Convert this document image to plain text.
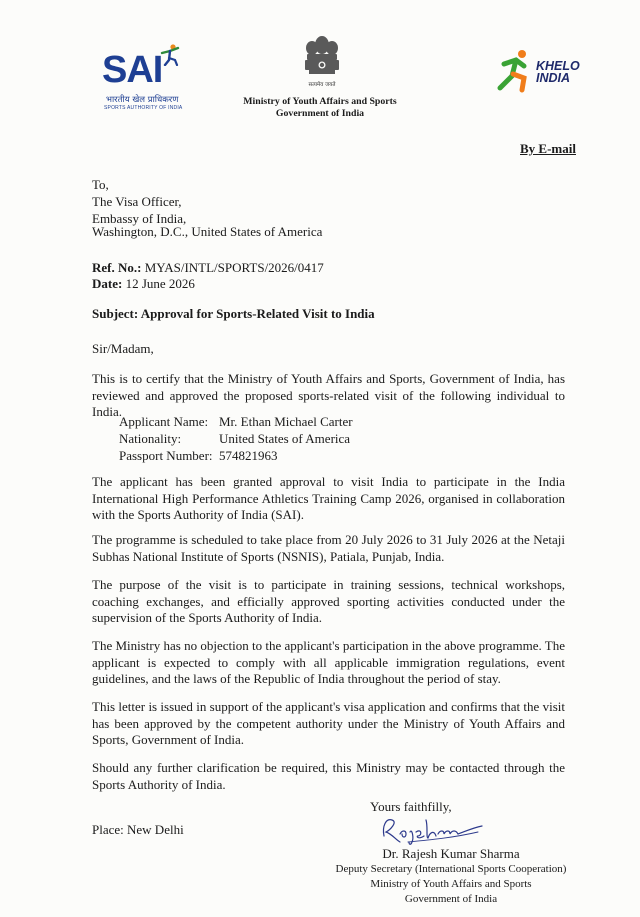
SAI
भारतीय खेल प्राधिकरण
SPORTS AUTHORITY OF INDIA
सत्यमेव जयते
Ministry of Youth Affairs and Sports
Government of India
KHELO
INDIA
By E-mail
To,
The Visa Officer,
Embassy of India,
Washington, D.C., United States of America
Ref. No.: MYAS/INTL/SPORTS/2026/0417
Date: 12 June 2026
Subject: Approval for Sports-Related Visit to India
Sir/Madam,
This is to certify that the Ministry of Youth Affairs and Sports, Government of India, has reviewed and approved the proposed sports-related visit of the following individual to India.
Applicant Name: Mr. Ethan Michael Carter
Nationality:	United States of America
Passport Number: 574821963
The applicant has been granted approval to visit India to participate in the India International High Performance Athletics Training Camp 2026, organised in collaboration with the Sports Authority of India (SAI).
The programme is scheduled to take place from 20 July 2026 to 31 July 2026 at the Netaji Subhas National Institute of Sports (NSNIS), Patiala, Punjab, India.
The purpose of the visit is to participate in training sessions, technical workshops, coaching exchanges, and efficially approved sporting activities conducted under the supervision of the Sports Authority of India.
The Ministry has no objection to the applicant's participation in the above programme. The applicant is expected to comply with all applicable immigration regulations, event guidelines, and the laws of the Republic of India throughout the period of stay.
This letter is issued in support of the applicant's visa application and confirms that the visit has been approved by the competent authority under the Ministry of Youth Affairs and Sports, Government of India.
Should any further clarification be required, this Ministry may be contacted through the Sports Authority of India.
Yours faithfilly,
Place: New Delhi
Dr. Rajesh Kumar Sharma
Deputy Secretary (International Sports Cooperation)
Ministry of Youth Affairs and Sports
Government of India
